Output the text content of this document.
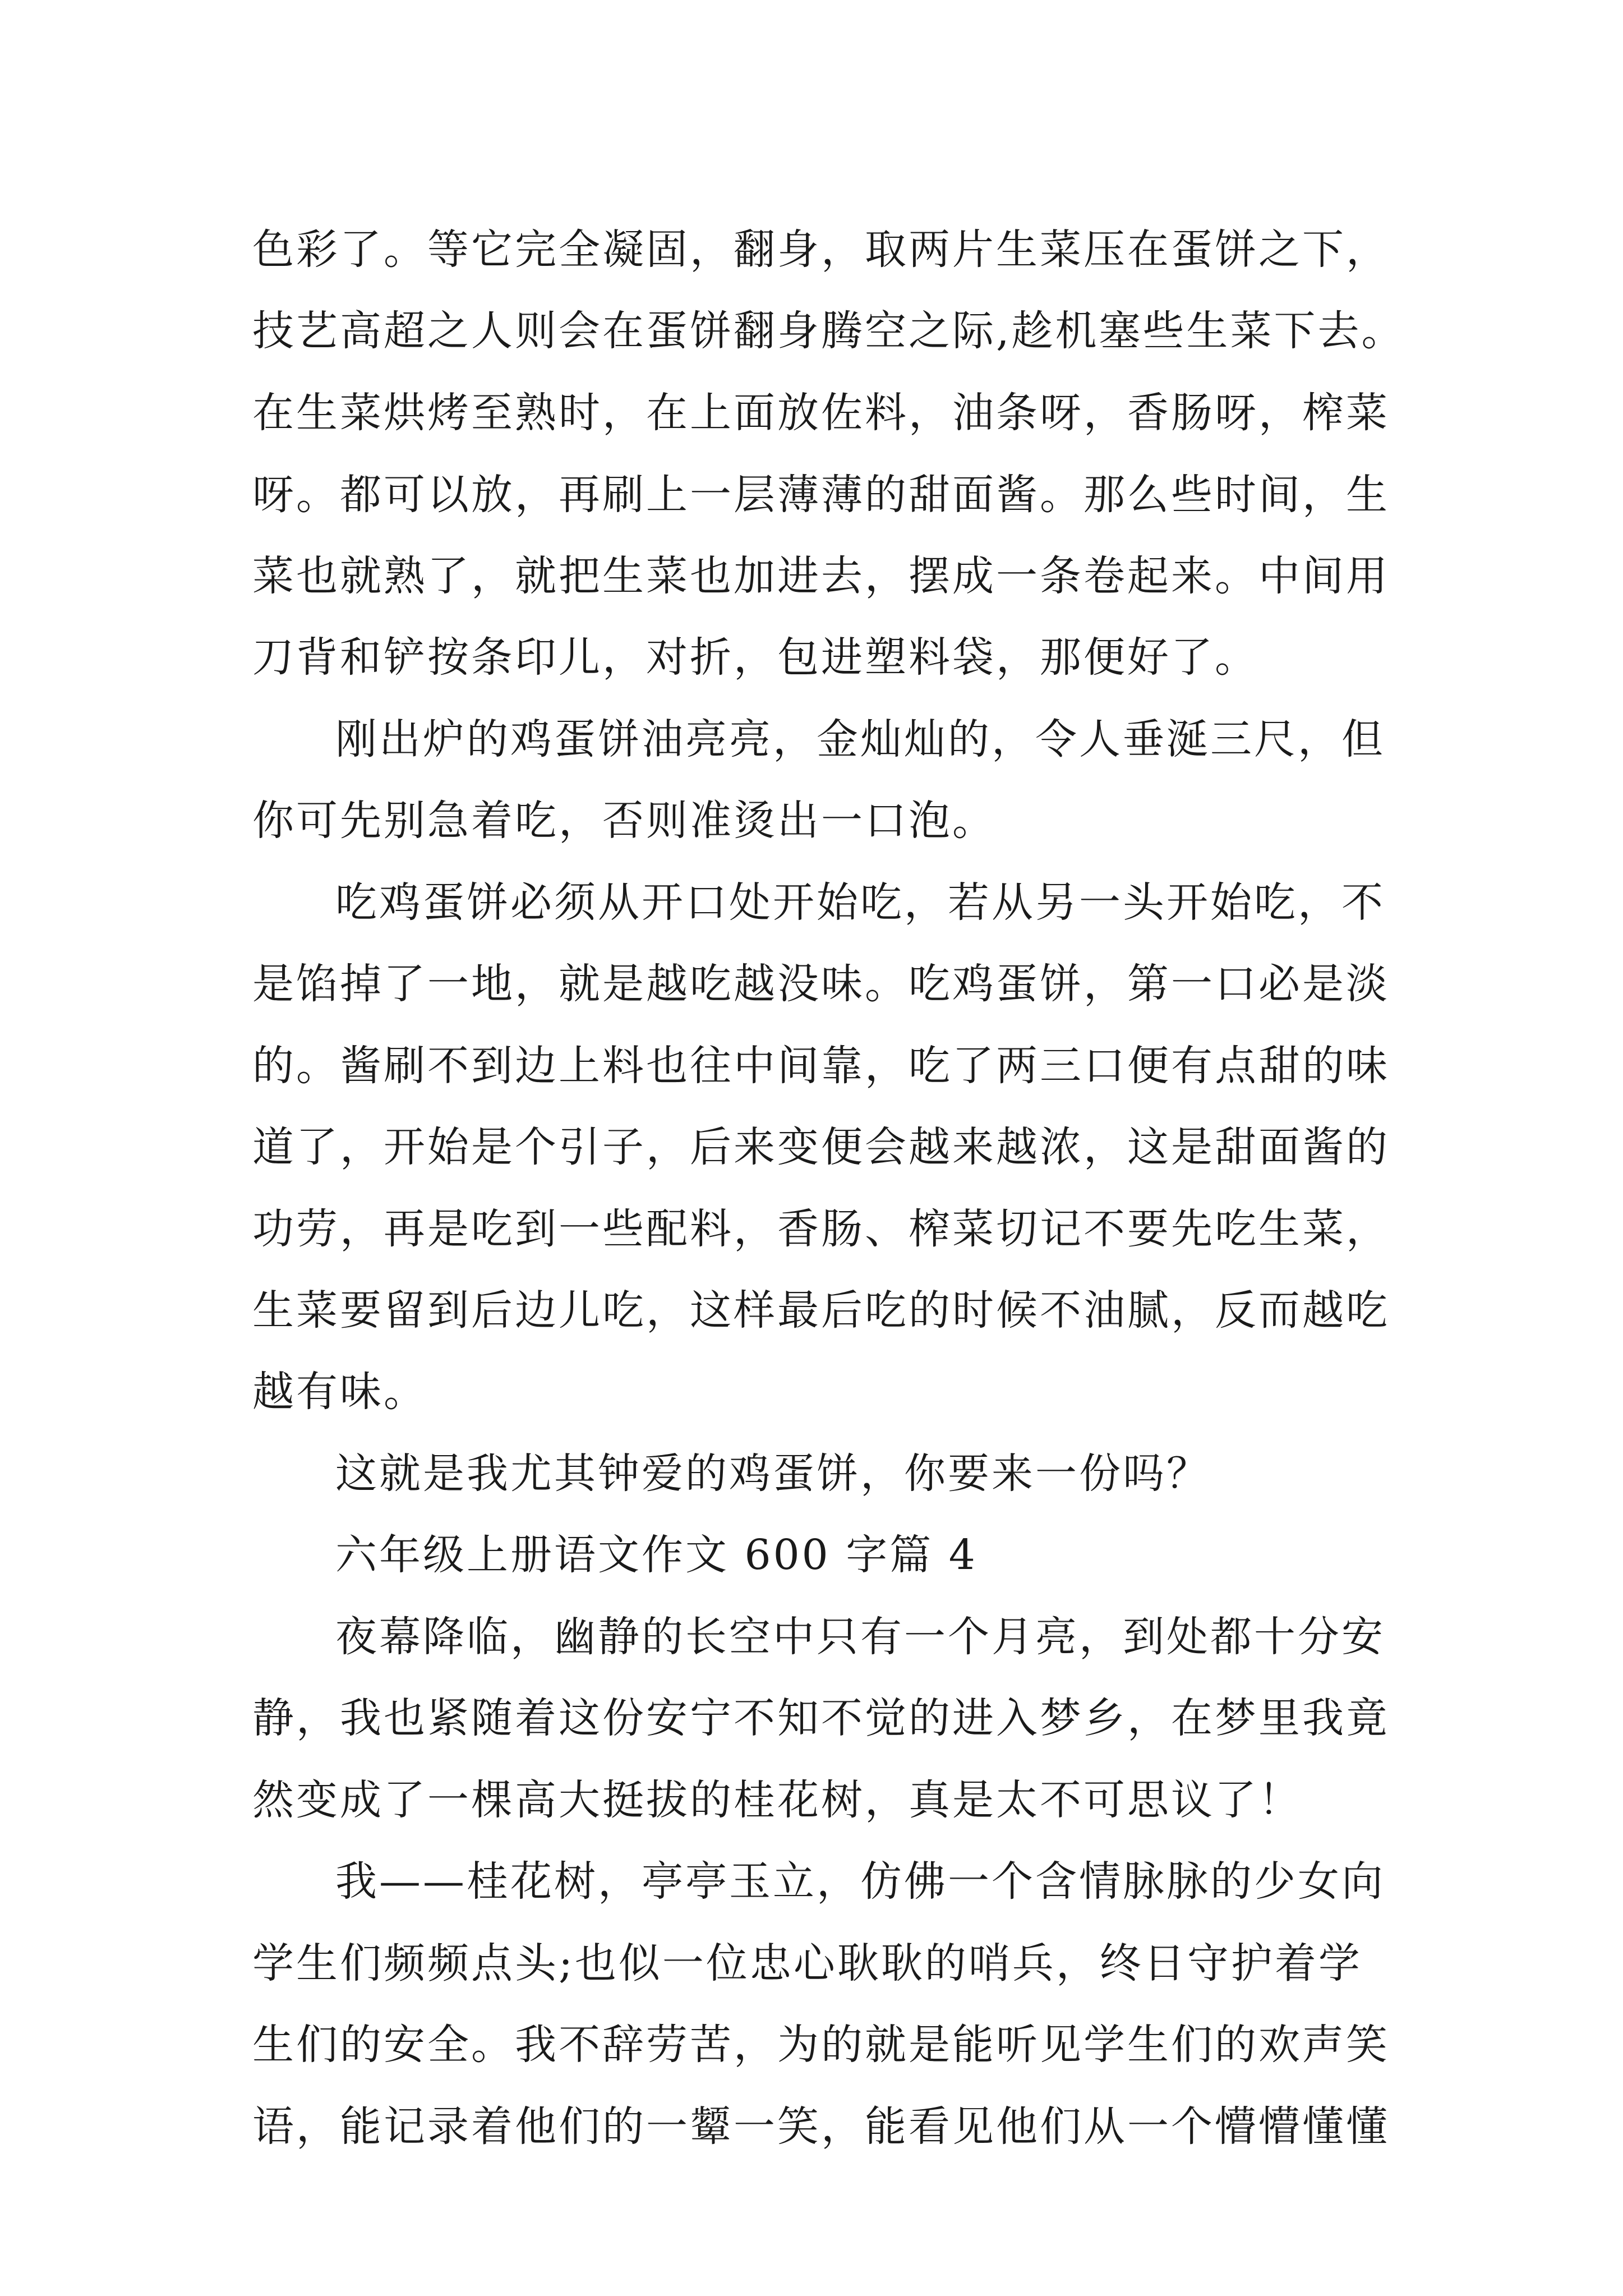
色彩了。等它完全凝固，翻身，取两片生菜压在蛋饼之下，
技艺高超之人则会在蛋饼翻身腾空之际,趁机塞些生菜下去。
在生菜烘烤至熟时，在上面放佐料，油条呀，香肠呀，榨菜
呀。都可以放，再刷上一层薄薄的甜面酱。那么些时间，生
菜也就熟了，就把生菜也加进去，摆成一条卷起来。中间用
刀背和铲按条印儿，对折，包进塑料袋，那便好了。
刚出炉的鸡蛋饼油亮亮，金灿灿的，令人垂涎三尺，但
你可先别急着吃，否则准烫出一口泡。
吃鸡蛋饼必须从开口处开始吃，若从另一头开始吃，不
是馅掉了一地，就是越吃越没味。吃鸡蛋饼，第一口必是淡
的。酱刷不到边上料也往中间靠，吃了两三口便有点甜的味
道了，开始是个引子，后来变便会越来越浓，这是甜面酱的
功劳，再是吃到一些配料，香肠、榨菜切记不要先吃生菜，
生菜要留到后边儿吃，这样最后吃的时候不油腻，反而越吃
越有味。
这就是我尤其钟爱的鸡蛋饼，你要来一份吗？
六年级上册语文作文 600 字篇 4
夜幕降临，幽静的长空中只有一个月亮，到处都十分安
静，我也紧随着这份安宁不知不觉的进入梦乡，在梦里我竟
然变成了一棵高大挺拔的桂花树，真是太不可思议了！
我——桂花树，亭亭玉立，仿佛一个含情脉脉的少女向
学生们频频点头;也似一位忠心耿耿的哨兵，终日守护着学
生们的安全。我不辞劳苦，为的就是能听见学生们的欢声笑
语，能记录着他们的一颦一笑，能看见他们从一个懵懵懂懂
